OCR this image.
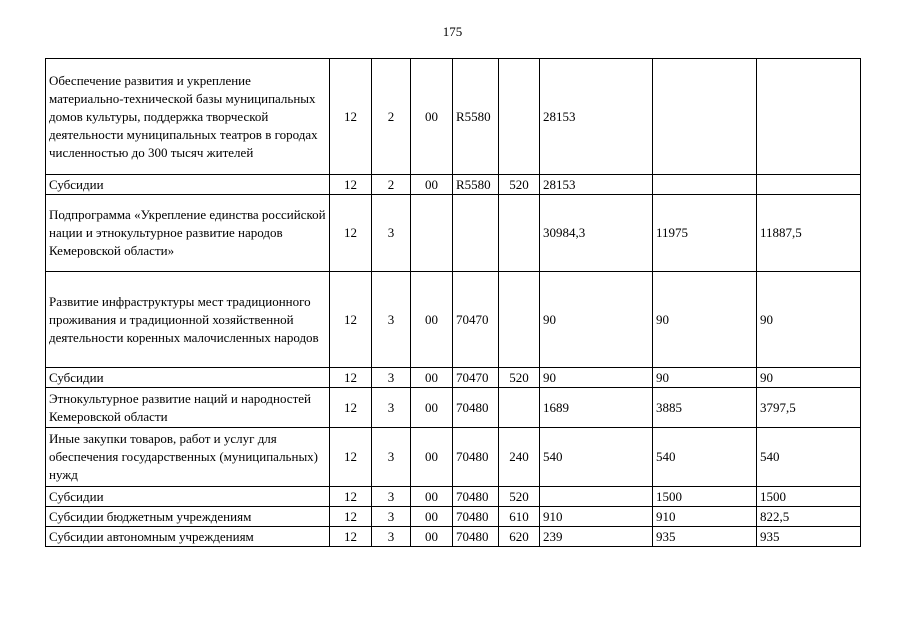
175
Обеспечение развития и укрепление материально-технической базы муниципальных домов культуры, поддержка творческой деятельности муниципальных театров в городах численностью до 300 тысяч жителей	12	2	00	R5580		28153		
Субсидии	12	2	00	R5580	520	28153		
Подпрограмма «Укрепление единства российской нации и этнокультурное развитие народов Кемеровской области»	12	3				30984,3	11975	11887,5
Развитие инфраструктуры мест традиционного проживания и традиционной хозяйственной деятельности коренных малочисленных народов	12	3	00	70470		90	90	90
Субсидии	12	3	00	70470	520	90	90	90
Этнокультурное развитие наций и народностей Кемеровской области	12	3	00	70480		1689	3885	3797,5
Иные закупки товаров, работ и услуг для обеспечения государственных (муниципальных) нужд	12	3	00	70480	240	540	540	540
Субсидии	12	3	00	70480	520		1500	1500
Субсидии бюджетным учреждениям	12	3	00	70480	610	910	910	822,5
Субсидии автономным учреждениям	12	3	00	70480	620	239	935	935
